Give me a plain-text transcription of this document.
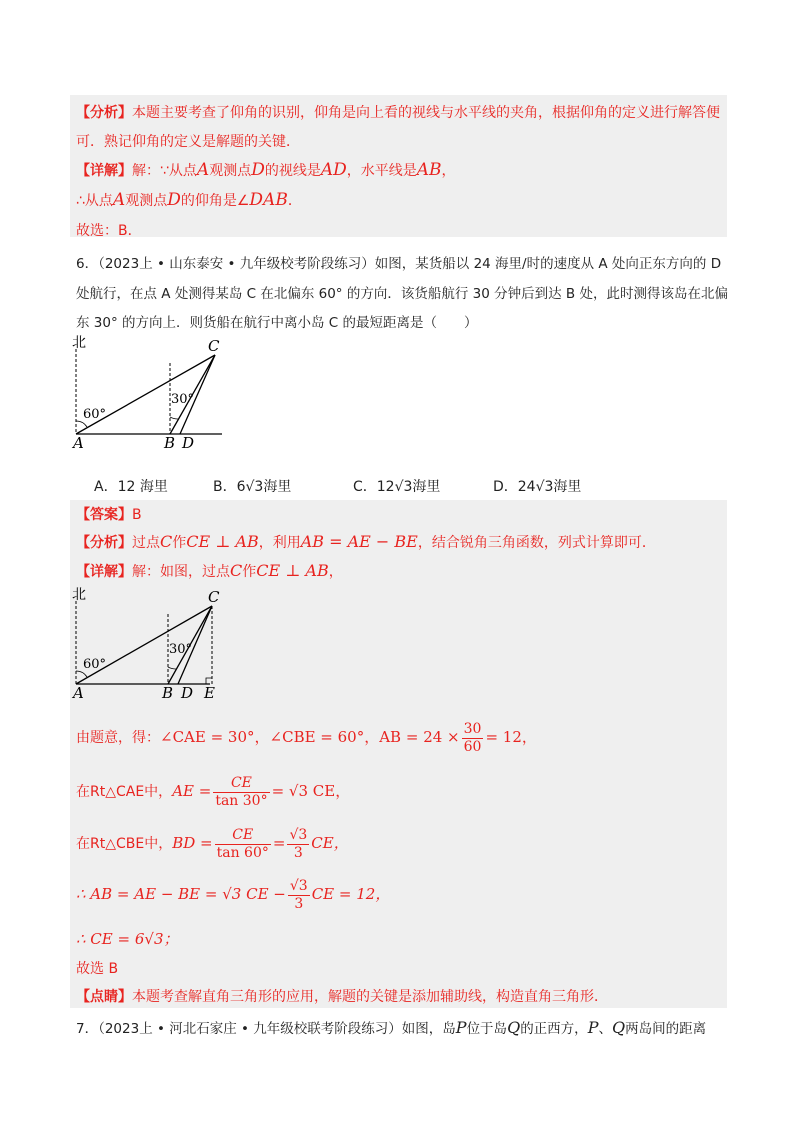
【分析】本题主要考查了仰角的识别，仰角是向上看的视线与水平线的夹角，根据仰角的定义进行解答便
可．熟记仰角的定义是解题的关键．
【详解】解：∵从点A观测点D的视线是AD，水平线是AB，
∴从点A观测点D的仰角是∠DAB．
故选：B．
6．（2023上 • 山东泰安 • 九年级校考阶段练习）如图，某货船以 24 海里/时的速度从 A 处向正东方向的 D
处航行，在点 A 处测得某岛 C 在北偏东 60° 的方向．该货船航行 30 分钟后到达 B 处，此时测得该岛在北偏
东 30° 的方向上．则货船在航行中离小岛 C 的最短距离是（　　）
北	C
A	B D
60°
30°
A．12 海里	B．6√3海里	C．12√3海里	D．24√3海里
【答案】B
【分析】过点C作CE ⊥ AB，利用AB = AE − BE，结合锐角三角函数，列式计算即可．
【详解】解：如图，过点C作CE ⊥ AB，
北	C
A	B D E
60°
30°
由题意，得：∠CAE = 30°，∠CBE = 60°，AB = $24 \times \frac{30}{60} = 12$，
在Rt△CAE中，AE = $\frac{CE}{\tan 30^\circ} = √3$ CE，
在Rt△CBE中，BD = $\frac{CE}{\tan 60^\circ} = \frac{√3}{3}$ CE，
∴ AB = AE − BE = √3 CE − $\frac{√3}{3}$ CE = 12，
∴ CE = 6√3；
故选 B
【点睛】本题考查解直角三角形的应用，解题的关键是添加辅助线，构造直角三角形．
7．（2023上 • 河北石家庄 • 九年级校联考阶段练习）如图，岛P位于岛Q的正西方，P、Q两岛间的距离
